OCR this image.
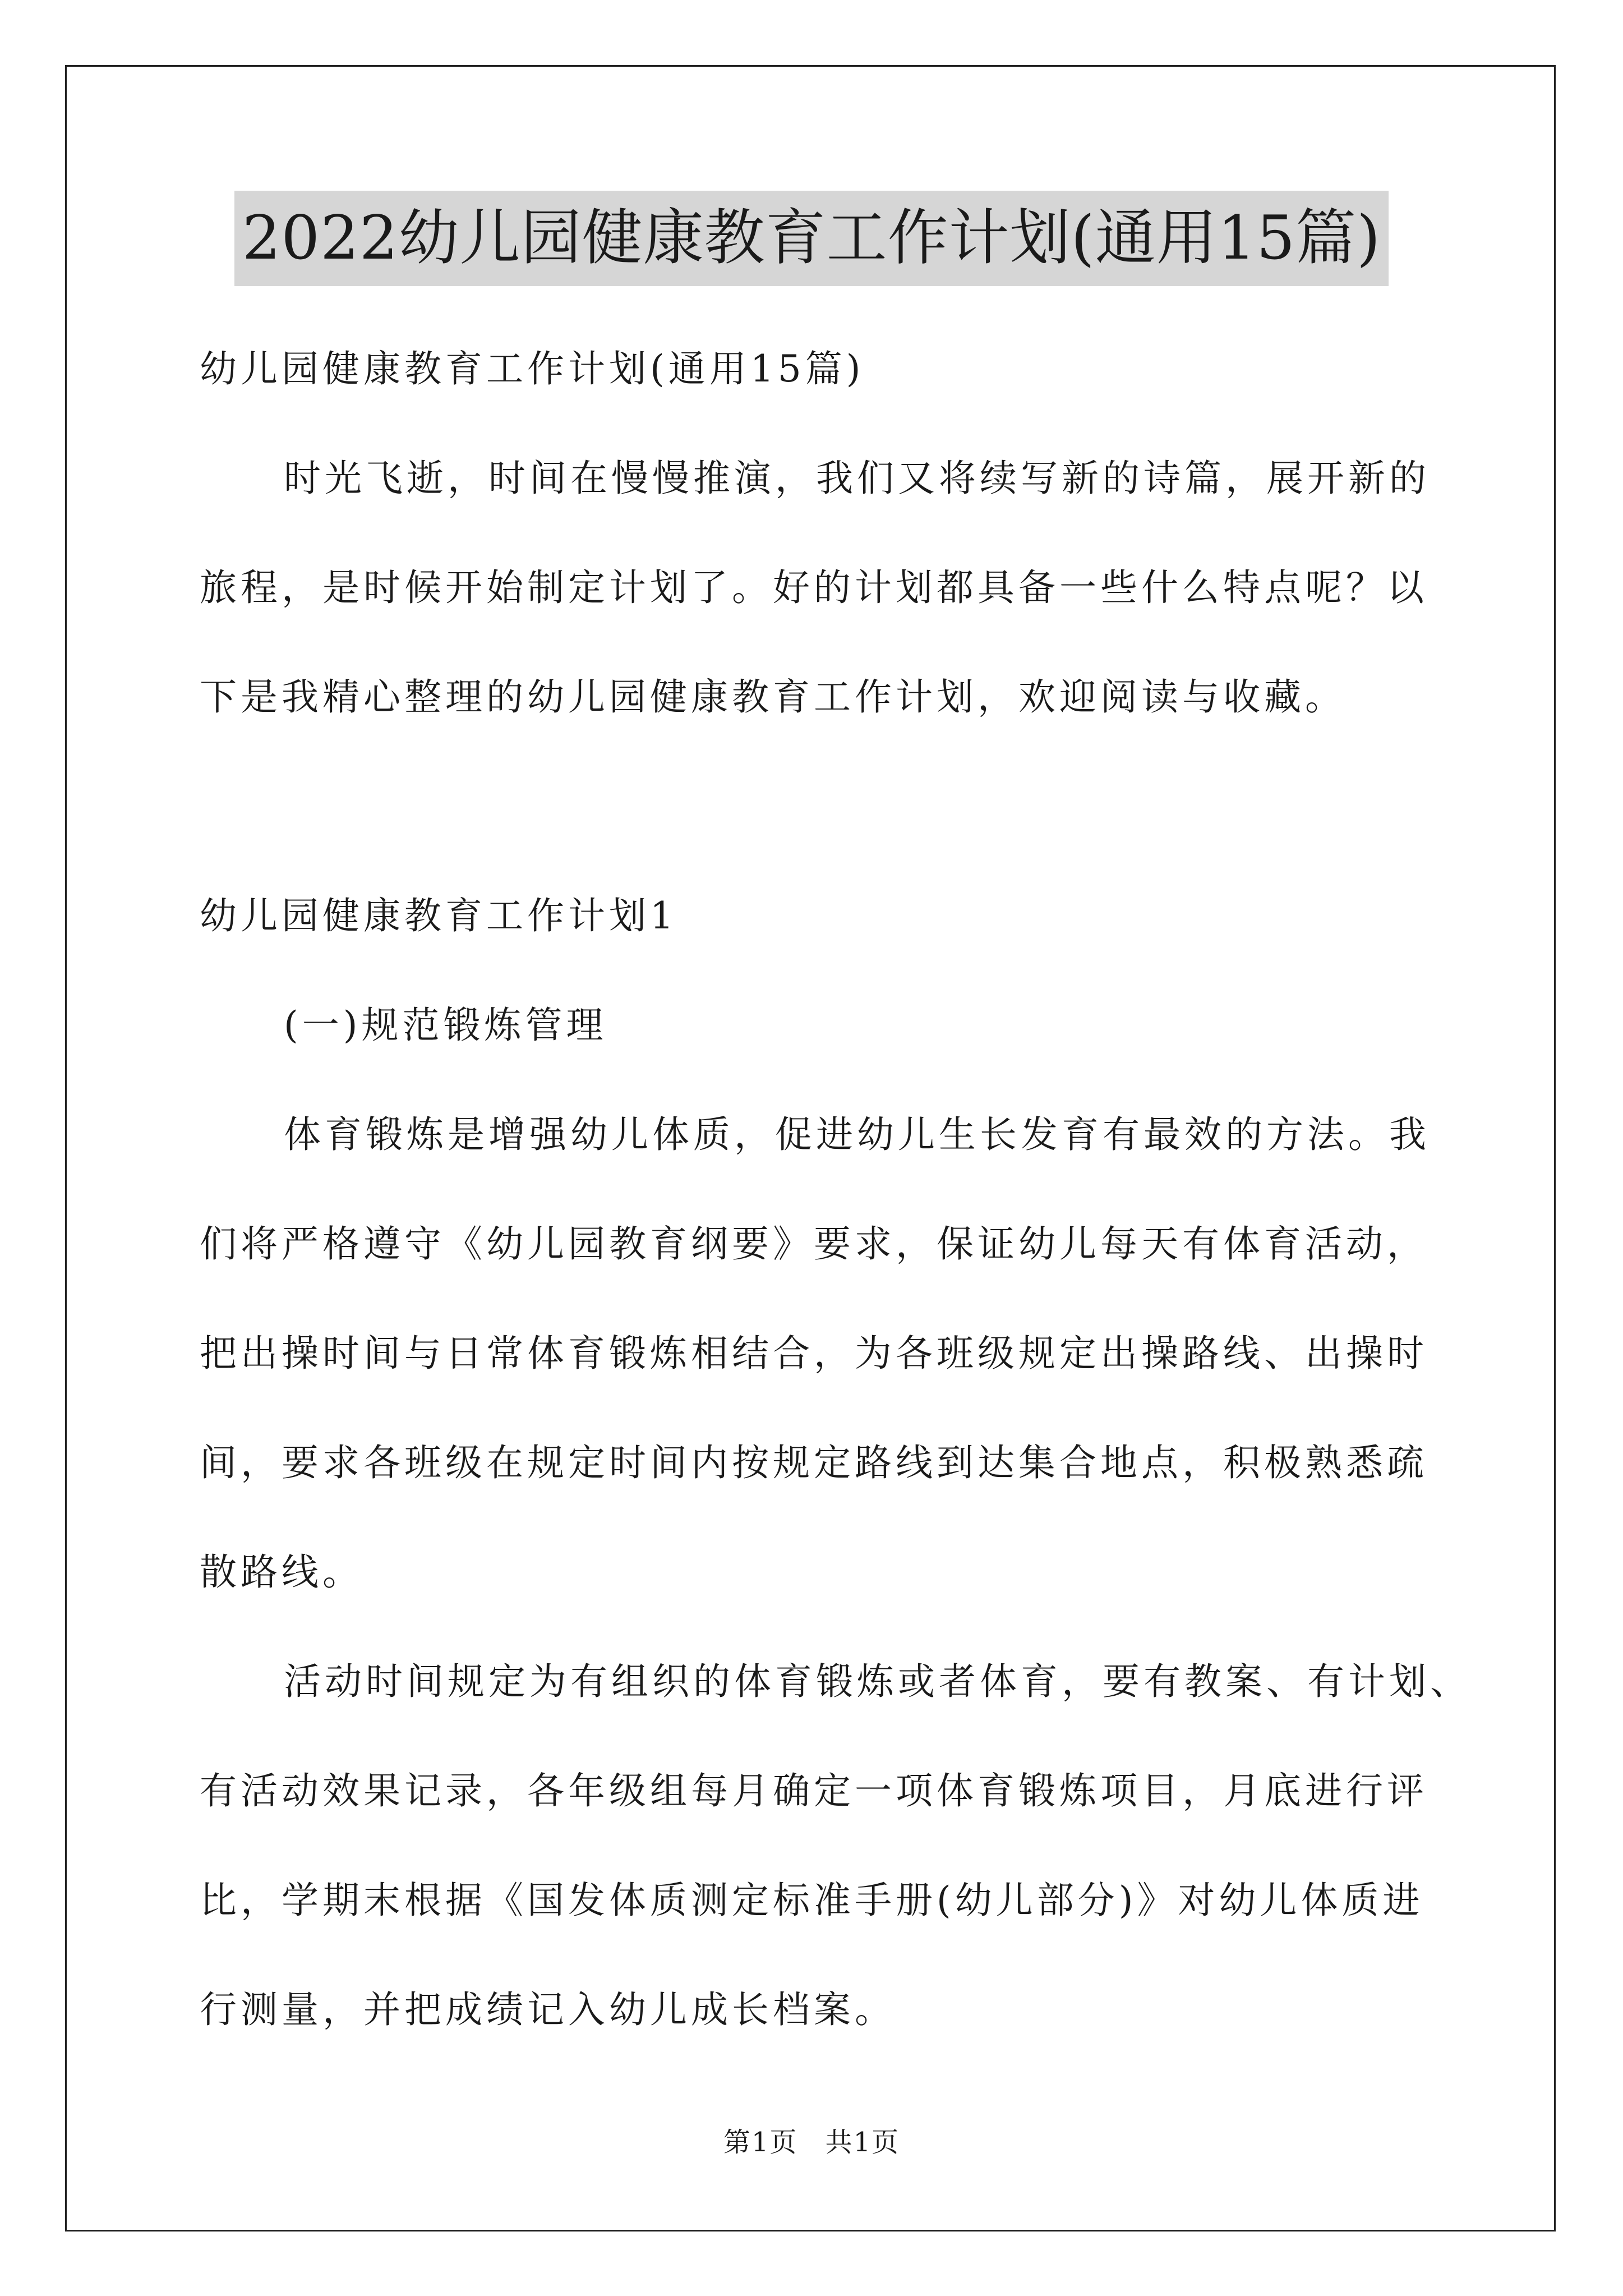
2022幼儿园健康教育工作计划(通用15篇)
幼儿园健康教育工作计划(通用15篇)
时光飞逝，时间在慢慢推演，我们又将续写新的诗篇，展开新的
旅程，是时候开始制定计划了。好的计划都具备一些什么特点呢？以
下是我精心整理的幼儿园健康教育工作计划，欢迎阅读与收藏。
幼儿园健康教育工作计划1
(一)规范锻炼管理
体育锻炼是增强幼儿体质，促进幼儿生长发育有最效的方法。我
们将严格遵守《幼儿园教育纲要》要求，保证幼儿每天有体育活动，
把出操时间与日常体育锻炼相结合，为各班级规定出操路线、出操时
间，要求各班级在规定时间内按规定路线到达集合地点，积极熟悉疏
散路线。
活动时间规定为有组织的体育锻炼或者体育，要有教案、有计划、
有活动效果记录，各年级组每月确定一项体育锻炼项目，月底进行评
比，学期末根据《国发体质测定标准手册(幼儿部分)》对幼儿体质进
行测量，并把成绩记入幼儿成长档案。
第1页 共1页
